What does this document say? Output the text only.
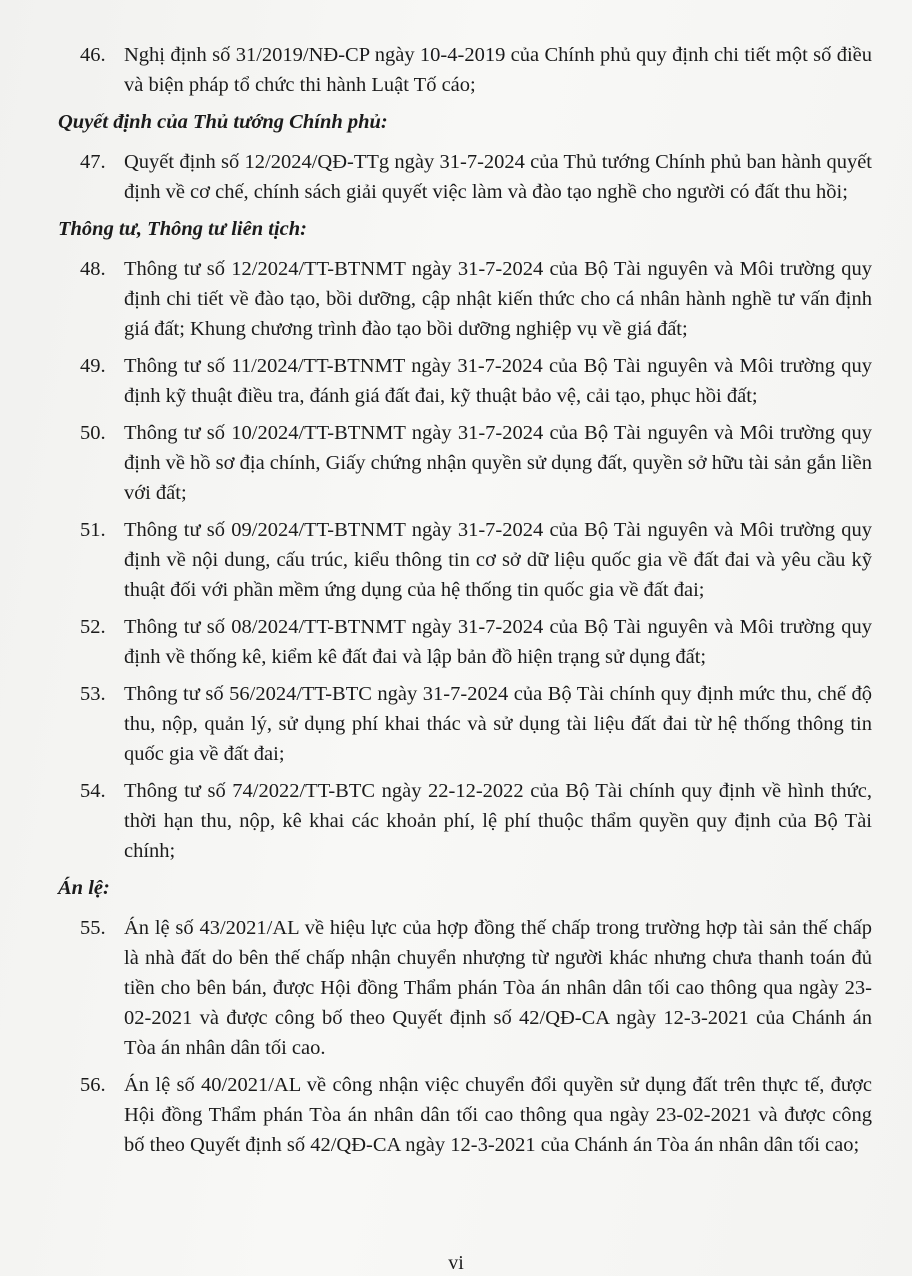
46. Nghị định số 31/2019/NĐ-CP ngày 10-4-2019 của Chính phủ quy định chi tiết một số điều và biện pháp tổ chức thi hành Luật Tố cáo;
Quyết định của Thủ tướng Chính phủ:
47. Quyết định số 12/2024/QĐ-TTg ngày 31-7-2024 của Thủ tướng Chính phủ ban hành quyết định về cơ chế, chính sách giải quyết việc làm và đào tạo nghề cho người có đất thu hồi;
Thông tư, Thông tư liên tịch:
48. Thông tư số 12/2024/TT-BTNMT ngày 31-7-2024 của Bộ Tài nguyên và Môi trường quy định chi tiết về đào tạo, bồi dưỡng, cập nhật kiến thức cho cá nhân hành nghề tư vấn định giá đất; Khung chương trình đào tạo bồi dưỡng nghiệp vụ về giá đất;
49. Thông tư số 11/2024/TT-BTNMT ngày 31-7-2024 của Bộ Tài nguyên và Môi trường quy định kỹ thuật điều tra, đánh giá đất đai, kỹ thuật bảo vệ, cải tạo, phục hồi đất;
50. Thông tư số 10/2024/TT-BTNMT ngày 31-7-2024 của Bộ Tài nguyên và Môi trường quy định về hồ sơ địa chính, Giấy chứng nhận quyền sử dụng đất, quyền sở hữu tài sản gắn liền với đất;
51. Thông tư số 09/2024/TT-BTNMT ngày 31-7-2024 của Bộ Tài nguyên và Môi trường quy định về nội dung, cấu trúc, kiểu thông tin cơ sở dữ liệu quốc gia về đất đai và yêu cầu kỹ thuật đối với phần mềm ứng dụng của hệ thống tin quốc gia về đất đai;
52. Thông tư số 08/2024/TT-BTNMT ngày 31-7-2024 của Bộ Tài nguyên và Môi trường quy định về thống kê, kiểm kê đất đai và lập bản đồ hiện trạng sử dụng đất;
53. Thông tư số 56/2024/TT-BTC ngày 31-7-2024 của Bộ Tài chính quy định mức thu, chế độ thu, nộp, quản lý, sử dụng phí khai thác và sử dụng tài liệu đất đai từ hệ thống thông tin quốc gia về đất đai;
54. Thông tư số 74/2022/TT-BTC ngày 22-12-2022 của Bộ Tài chính quy định về hình thức, thời hạn thu, nộp, kê khai các khoản phí, lệ phí thuộc thẩm quyền quy định của Bộ Tài chính;
Án lệ:
55. Án lệ số 43/2021/AL về hiệu lực của hợp đồng thế chấp trong trường hợp tài sản thế chấp là nhà đất do bên thế chấp nhận chuyển nhượng từ người khác nhưng chưa thanh toán đủ tiền cho bên bán, được Hội đồng Thẩm phán Tòa án nhân dân tối cao thông qua ngày 23-02-2021 và được công bố theo Quyết định số 42/QĐ-CA ngày 12-3-2021 của Chánh án Tòa án nhân dân tối cao.
56. Án lệ số 40/2021/AL về công nhận việc chuyển đổi quyền sử dụng đất trên thực tế, được Hội đồng Thẩm phán Tòa án nhân dân tối cao thông qua ngày 23-02-2021 và được công bố theo Quyết định số 42/QĐ-CA ngày 12-3-2021 của Chánh án Tòa án nhân dân tối cao;
vi
